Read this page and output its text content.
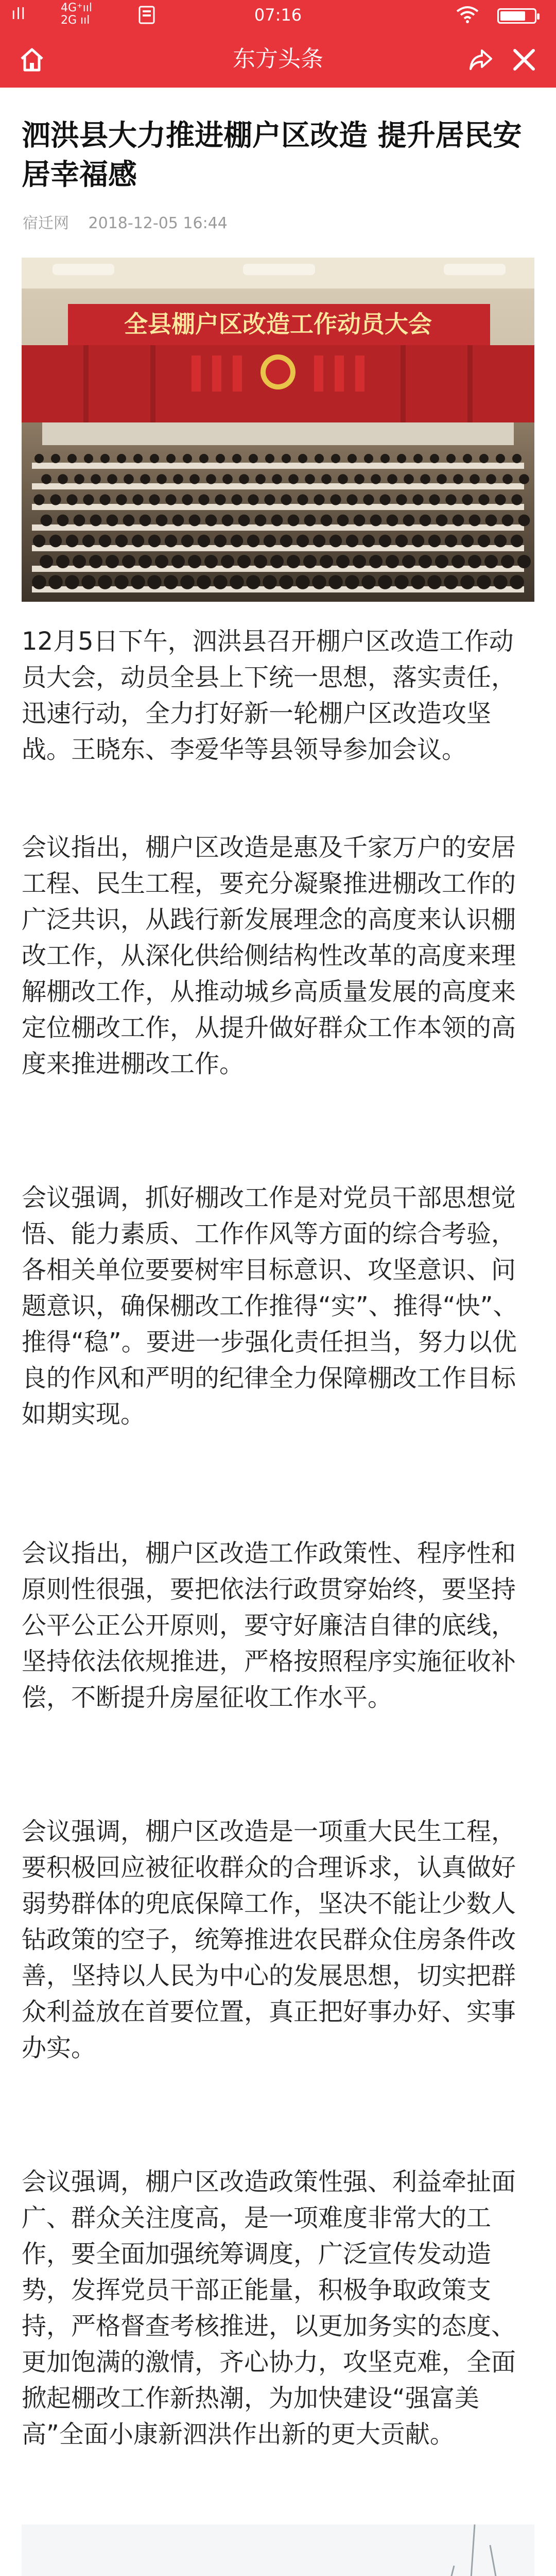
ıll	4G⁺ııl
2G ııl	07:16
东方头条
泗洪县大力推进棚户区改造 提升居民安居幸福感
宿迁网 2018-12-05 16:44
全县棚户区改造工作动员大会

12月5日下午，泗洪县召开棚户区改造工作动员大会，动员全县上下统一思想，落实责任，迅速行动，全力打好新一轮棚户区改造攻坚战。王晓东、李爱华等县领导参加会议。

会议指出，棚户区改造是惠及千家万户的安居工程、民生工程，要充分凝聚推进棚改工作的广泛共识，从践行新发展理念的高度来认识棚改工作，从深化供给侧结构性改革的高度来理解棚改工作，从推动城乡高质量发展的高度来定位棚改工作，从提升做好群众工作本领的高度来推进棚改工作。

会议强调，抓好棚改工作是对党员干部思想觉悟、能力素质、工作作风等方面的综合考验，各相关单位要要树牢目标意识、攻坚意识、问题意识，确保棚改工作推得“实”、推得“快”、推得“稳”。要进一步强化责任担当，努力以优良的作风和严明的纪律全力保障棚改工作目标如期实现。

会议指出，棚户区改造工作政策性、程序性和原则性很强，要把依法行政贯穿始终，要坚持公平公正公开原则，要守好廉洁自律的底线，坚持依法依规推进，严格按照程序实施征收补偿，不断提升房屋征收工作水平。

会议强调，棚户区改造是一项重大民生工程，要积极回应被征收群众的合理诉求，认真做好弱势群体的兜底保障工作，坚决不能让少数人钻政策的空子，统筹推进农民群众住房条件改善，坚持以人民为中心的发展思想，切实把群众利益放在首要位置，真正把好事办好、实事办实。

会议强调，棚户区改造政策性强、利益牵扯面广、群众关注度高，是一项难度非常大的工作，要全面加强统筹调度，广泛宣传发动造势，发挥党员干部正能量，积极争取政策支持，严格督查考核推进，以更加务实的态度、更加饱满的激情，齐心协力，攻坚克难，全面掀起棚改工作新热潮，为加快建设“强富美高”全面小康新泗洪作出新的更大贡献。
